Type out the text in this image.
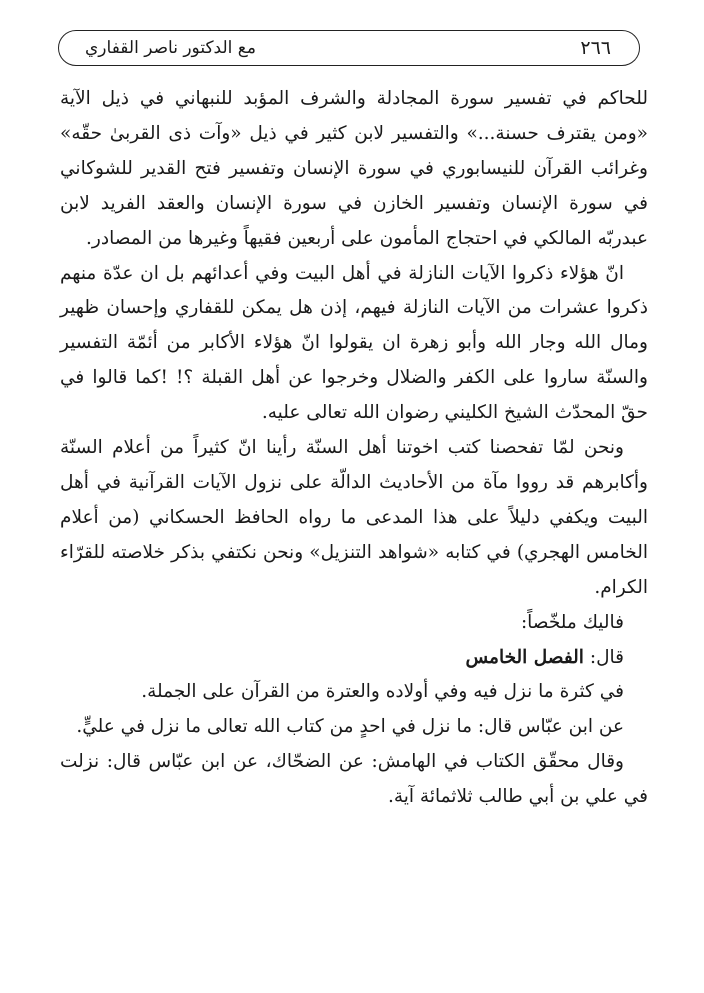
٢٦٦
مع الدكتور ناصر القفاري

للحاكم في تفسير سورة المجادلة والشرف المؤبد للنبهاني في ذيل الآية «ومن يقترف حسنة...» والتفسير لابن كثير في ذيل «وآت ذى القربىٰ حقّه» وغرائب القرآن للنيسابوري في سورة الإنسان وتفسير فتح القدير للشوكاني في سورة الإنسان وتفسير الخازن في سورة الإنسان والعقد الفريد لابن عبدربّه المالكي في احتجاج المأمون على أربعين فقيهاً وغيرها من المصادر.

انّ هؤلاء ذكروا الآيات النازلة في أهل البيت وفي أعدائهم بل ان عدّة منهم ذكروا عشرات من الآيات النازلة فيهم، إذن هل يمكن للقفاري وإحسان ظهير ومال الله وجار الله وأبو زهرة ان يقولوا انّ هؤلاء الأكابر من أئمّة التفسير والسنّة ساروا على الكفر والضلال وخرجوا عن أهل القبلة ؟! !كما قالوا في حقّ المحدّث الشيخ الكليني رضوان الله تعالى عليه.

ونحن لمّا تفحصنا كتب اخوتنا أهل السنّة رأينا انّ كثيراً من أعلام السنّة وأكابرهم قد رووا مآة من الأحاديث الدالّة على نزول الآيات القرآنية في أهل البيت ويكفي دليلاً على هذا المدعى ما رواه الحافظ الحسكاني (من أعلام الخامس الهجري) في كتابه «شواهد التنزيل» ونحن نكتفي بذكر خلاصته للقرّاء الكرام.

فاليك ملخّصاً:

قال: الفصل الخامس

في كثرة ما نزل فيه وفي أولاده والعترة من القرآن على الجملة.

عن ابن عبّاس قال: ما نزل في احدٍ من كتاب الله تعالى ما نزل في عليٍّ.

وقال محقّق الكتاب في الهامش: عن الضحّاك، عن ابن عبّاس قال: نزلت في علي بن أبي طالب ثلاثمائة آية.
